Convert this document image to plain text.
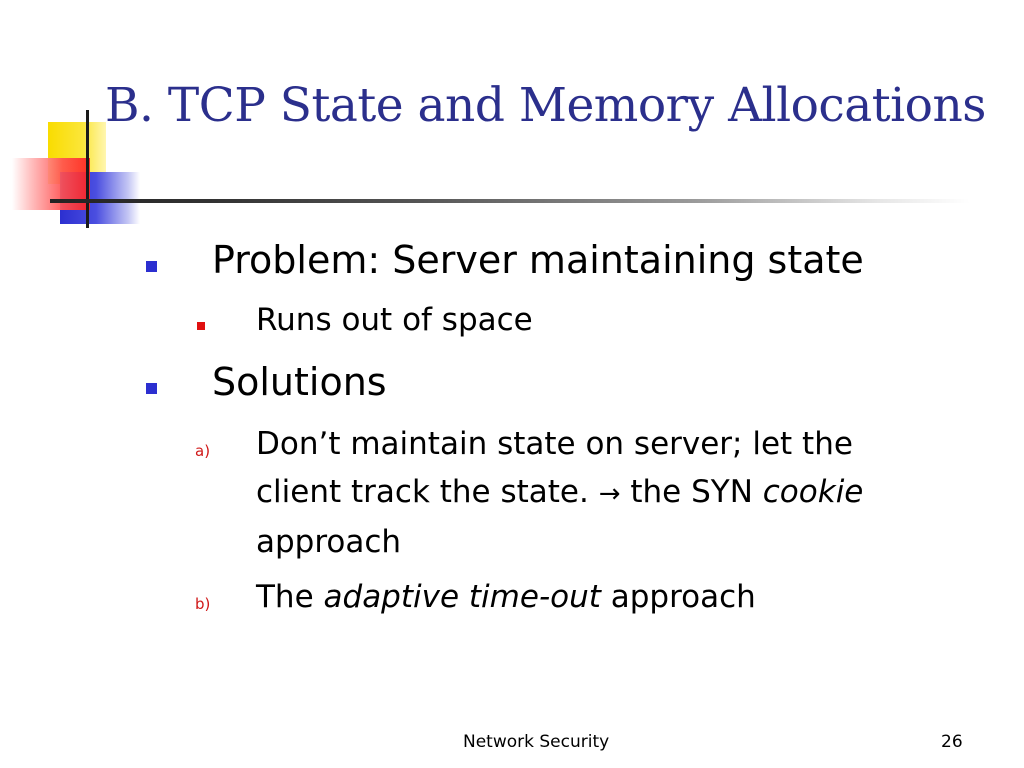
B. TCP State and Memory Allocations
Problem: Server maintaining state
Runs out of space
Solutions
a) Don’t maintain state on server; let the
client track the state. → the SYN cookie
approach
b) The adaptive time-out approach
Network Security	26
